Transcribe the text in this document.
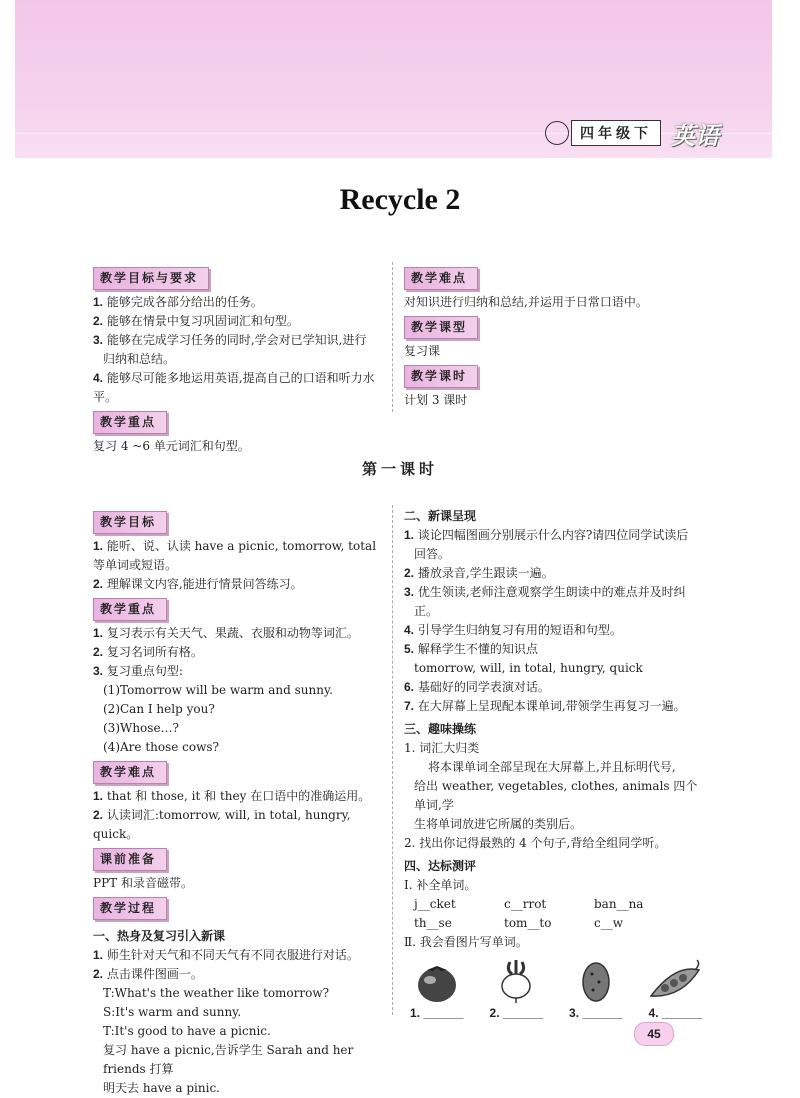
四年级下 英语
Recycle 2
教学目标与要求

1. 能够完成各部分给出的任务。

2. 能够在情景中复习巩固词汇和句型。

3. 能够在完成学习任务的同时,学会对已学知识,进行

归纳和总结。

4. 能够尽可能多地运用英语,提高自己的口语和听力水平。

教学重点

复习 4 ~6 单元词汇和句型。

教学难点

对知识进行归纳和总结,并运用于日常口语中。

教学课型

复习课

教学课时

计划 3 课时

第一课时
教学目标

1. 能听、说、认读 have a picnic, tomorrow, total 等单词或短语。

2. 理解课文内容,能进行情景问答练习。

教学重点

1. 复习表示有关天气、果蔬、衣服和动物等词汇。

2. 复习名词所有格。

3. 复习重点句型:

(1)Tomorrow will be warm and sunny.

(2)Can I help you?

(3)Whose…?

(4)Are those cows?

教学难点

1. that 和 those, it 和 they 在口语中的准确运用。

2. 认读词汇:tomorrow, will, in total, hungry, quick。

课前准备

PPT 和录音磁带。

教学过程

一、热身及复习引入新课

1. 师生针对天气和不同天气有不同衣服进行对话。

2. 点击课件图画一。

T:What's the weather like tomorrow?

S:It's warm and sunny.

T:It's good to have a picnic.

复习 have a picnic,告诉学生 Sarah and her friends 打算

明天去 have a pinic.

二、新课呈现

1. 谈论四幅图画分别展示什么内容?请四位同学试读后

回答。

2. 播放录音,学生跟读一遍。

3. 优生领读,老师注意观察学生朗读中的难点并及时纠

正。

4. 引导学生归纳复习有用的短语和句型。

5. 解释学生不懂的知识点

tomorrow, will, in total, hungry, quick

6. 基础好的同学表演对话。

7. 在大屏幕上呈现配本课单词,带领学生再复习一遍。

三、趣味操练

1. 词汇大归类

将本课单词全部呈现在大屏幕上,并且标明代号,

给出 weather, vegetables, clothes, animals 四个单词,学

生将单词放进它所属的类别后。

2. 找出你记得最熟的 4 个句子,背给全组同学听。

四、达标测评

Ⅰ. 补全单词。

j__cket	c__rrot	ban__na
th__se	tom__to	c__w

Ⅱ. 我会看图片写单词。

1. ______ 2. ______ 3. ______ 4. ______
45
